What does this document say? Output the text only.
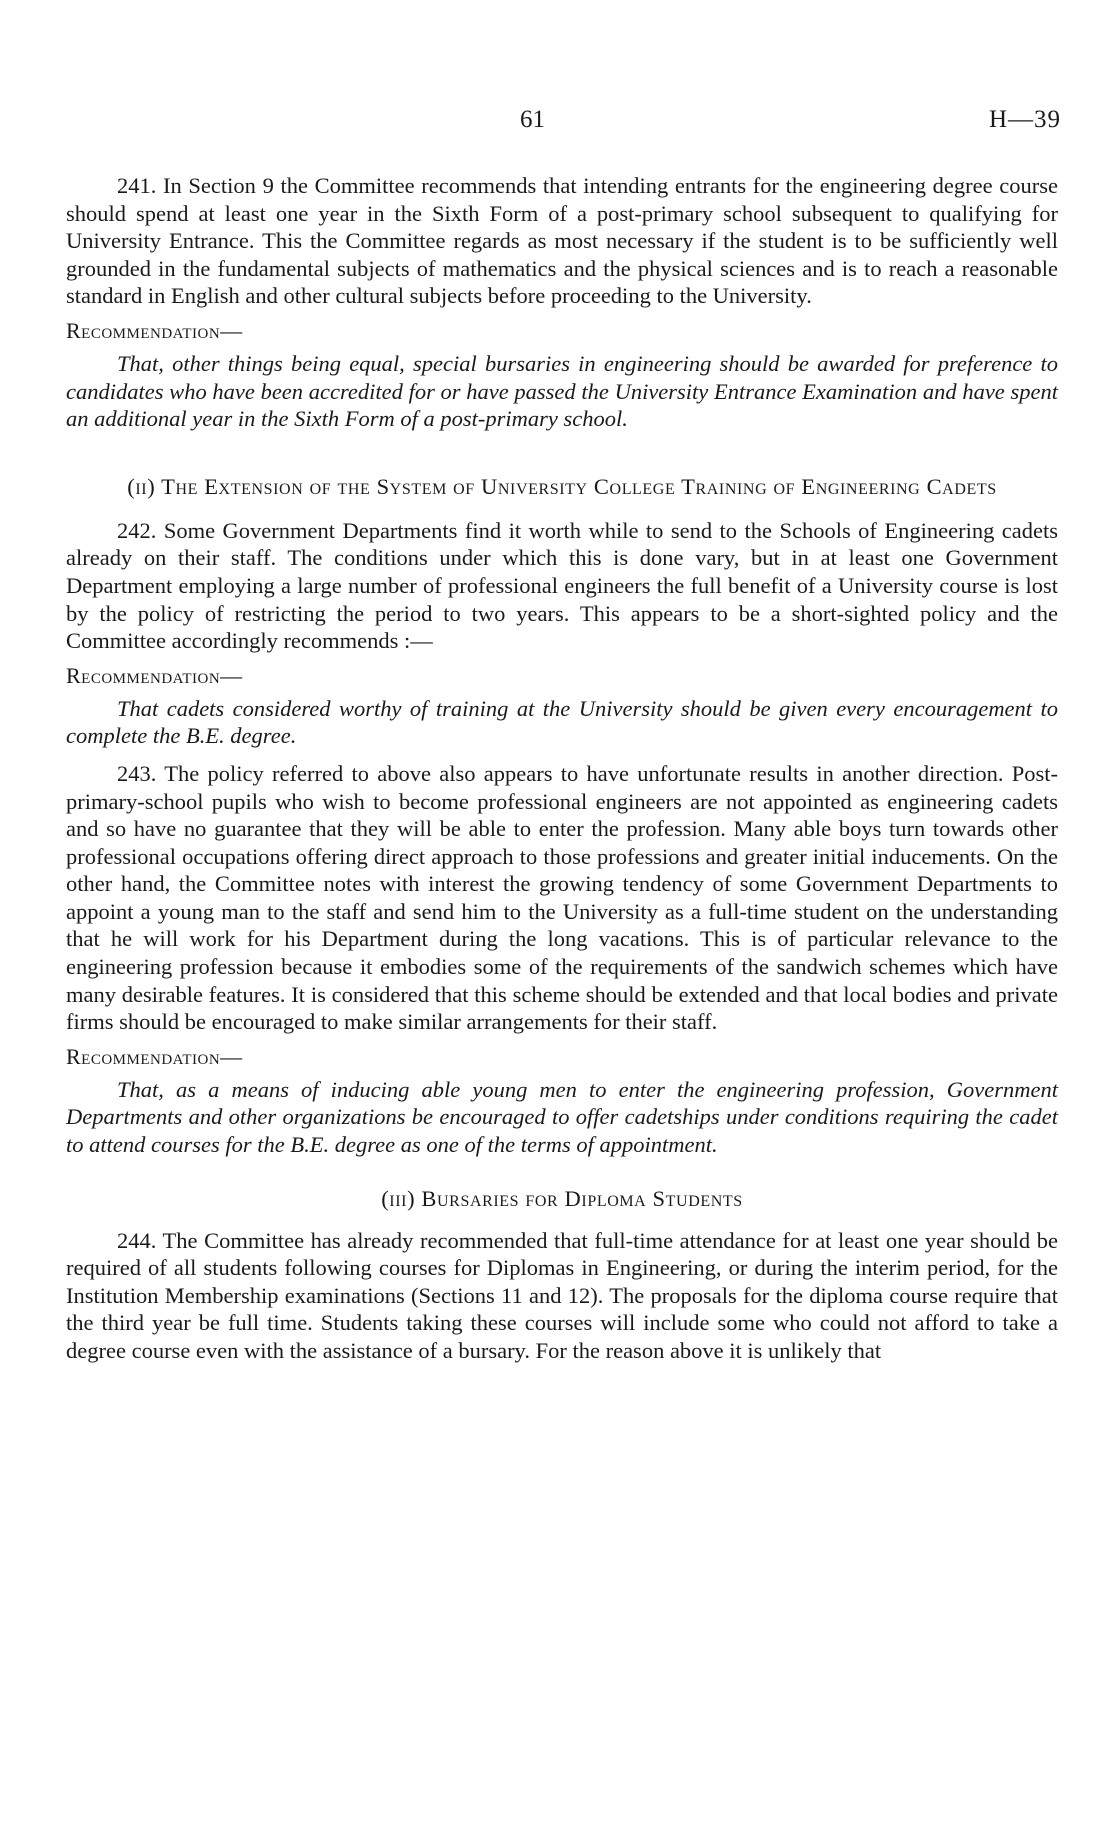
61	H—39

241. In Section 9 the Committee recommends that intending entrants for the engineering degree course should spend at least one year in the Sixth Form of a post-primary school subsequent to qualifying for University Entrance. This the Committee regards as most necessary if the student is to be sufficiently well grounded in the fundamental subjects of mathematics and the physical sciences and is to reach a reasonable standard in English and other cultural subjects before proceeding to the University.

Recommendation—

That, other things being equal, special bursaries in engineering should be awarded for preference to candidates who have been accredited for or have passed the University Entrance Examination and have spent an additional year in the Sixth Form of a post-primary school.

(ii) The Extension of the System of University College Training of Engineering Cadets

242. Some Government Departments find it worth while to send to the Schools of Engineering cadets already on their staff. The conditions under which this is done vary, but in at least one Government Department employing a large number of professional engineers the full benefit of a University course is lost by the policy of restricting the period to two years. This appears to be a short-sighted policy and the Committee accordingly recommends :—

Recommendation—

That cadets considered worthy of training at the University should be given every encouragement to complete the B.E. degree.

243. The policy referred to above also appears to have unfortunate results in another direction. Post-primary-school pupils who wish to become professional engineers are not appointed as engineering cadets and so have no guarantee that they will be able to enter the profession. Many able boys turn towards other professional occupations offering direct approach to those professions and greater initial inducements. On the other hand, the Committee notes with interest the growing tendency of some Government Departments to appoint a young man to the staff and send him to the University as a full-time student on the understanding that he will work for his Department during the long vacations. This is of particular relevance to the engineering profession because it embodies some of the requirements of the sandwich schemes which have many desirable features. It is considered that this scheme should be extended and that local bodies and private firms should be encouraged to make similar arrangements for their staff.

Recommendation—

That, as a means of inducing able young men to enter the engineering profession, Government Departments and other organizations be encouraged to offer cadetships under conditions requiring the cadet to attend courses for the B.E. degree as one of the terms of appointment.

(iii) Bursaries for Diploma Students

244. The Committee has already recommended that full-time attendance for at least one year should be required of all students following courses for Diplomas in Engineering, or during the interim period, for the Institution Membership examinations (Sections 11 and 12). The proposals for the diploma course require that the third year be full time. Students taking these courses will include some who could not afford to take a degree course even with the assistance of a bursary. For the reason above it is unlikely that
